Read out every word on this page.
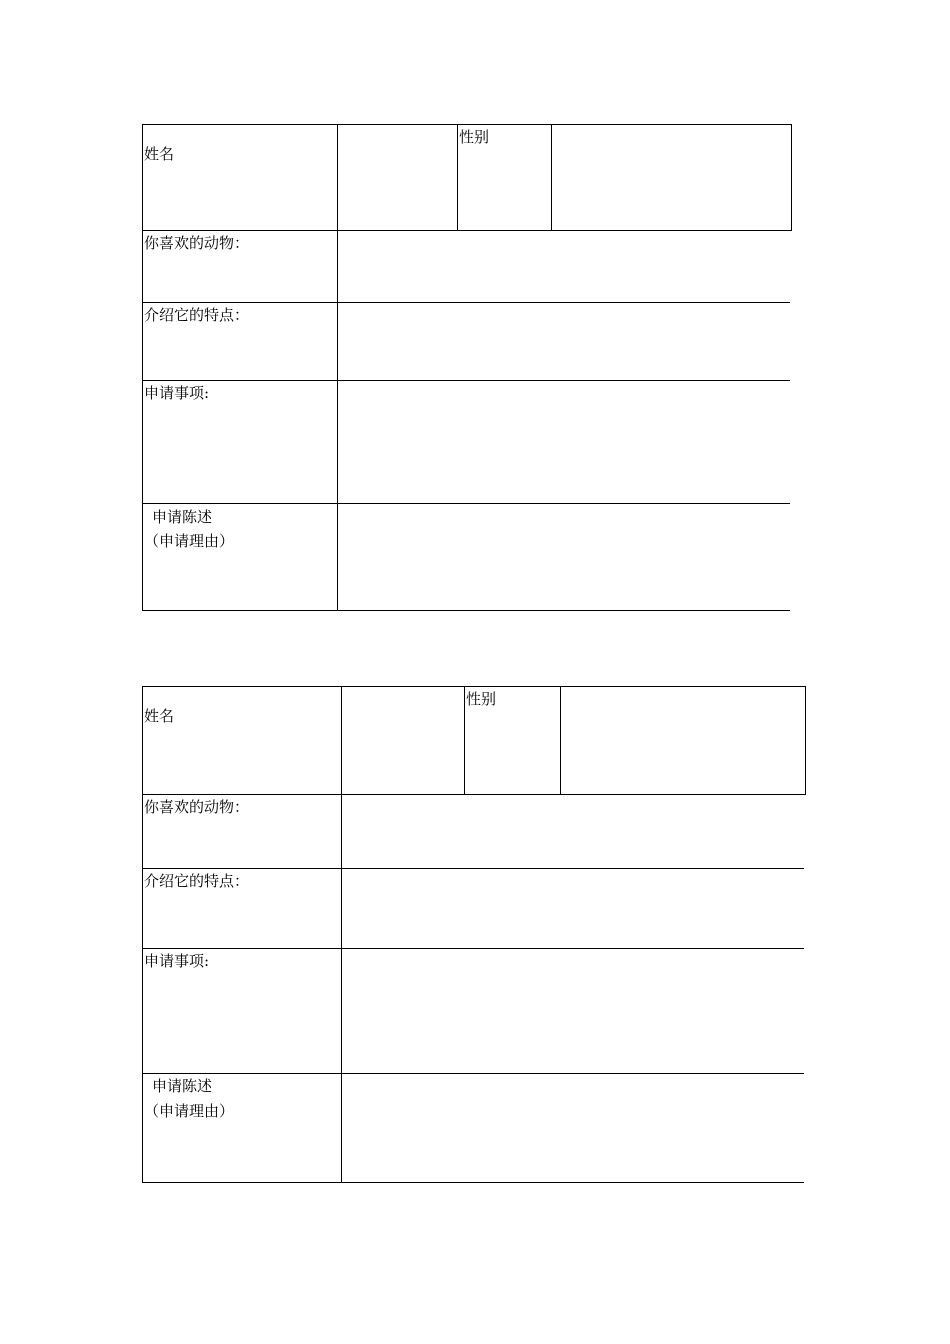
姓名
性别
你喜欢的动物：
介绍它的特点：
申请事项:
申请陈述
（申请理由）
姓名
性别
你喜欢的动物：
介绍它的特点：
申请事项:
申请陈述
（申请理由）
